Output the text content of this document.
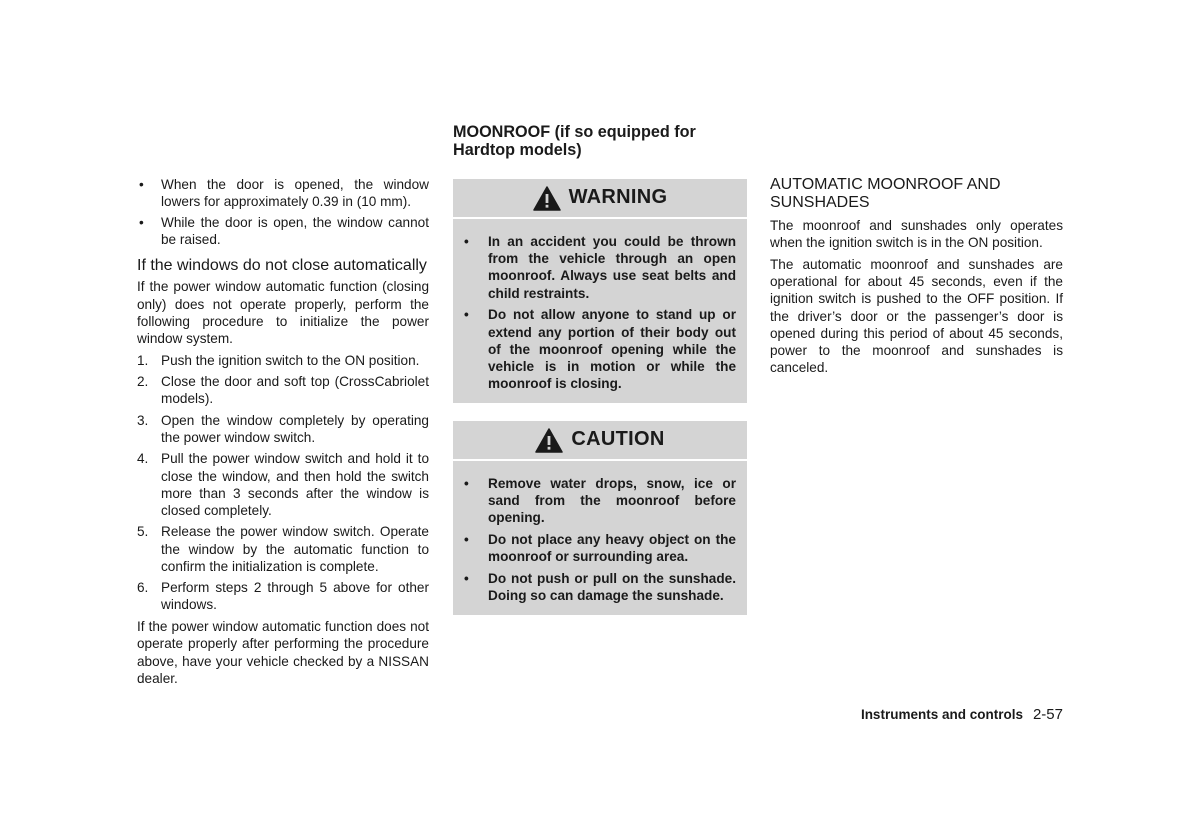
• When the door is opened, the window lowers for approximately 0.39 in (10 mm).
• While the door is open, the window cannot be raised.
If the windows do not close automatically

If the power window automatic function (closing only) does not operate properly, perform the following procedure to initialize the power window system.

1. Push the ignition switch to the ON position.
2. Close the door and soft top (CrossCabriolet models).
3. Open the window completely by operating the power window switch.
4. Pull the power window switch and hold it to close the window, and then hold the switch more than 3 seconds after the window is closed completely.
5. Release the power window switch. Operate the window by the automatic function to confirm the initialization is complete.
6. Perform steps 2 through 5 above for other windows.

If the power window automatic function does not operate properly after performing the procedure above, have your vehicle checked by a NISSAN dealer.

MOONROOF (if so equipped for Hardtop models)
WARNING
• In an accident you could be thrown from the vehicle through an open moonroof. Always use seat belts and child restraints.
• Do not allow anyone to stand up or extend any portion of their body out of the moonroof opening while the vehicle is in motion or while the moonroof is closing.
CAUTION
• Remove water drops, snow, ice or sand from the moonroof before opening.
• Do not place any heavy object on the moonroof or surrounding area.
• Do not push or pull on the sunshade. Doing so can damage the sunshade.
AUTOMATIC MOONROOF AND SUNSHADES

The moonroof and sunshades only operates when the ignition switch is in the ON position.

The automatic moonroof and sunshades are operational for about 45 seconds, even if the ignition switch is pushed to the OFF position. If the driver’s door or the passenger’s door is opened during this period of about 45 seconds, power to the moonroof and sunshades is canceled.

Instruments and controls 2-57
